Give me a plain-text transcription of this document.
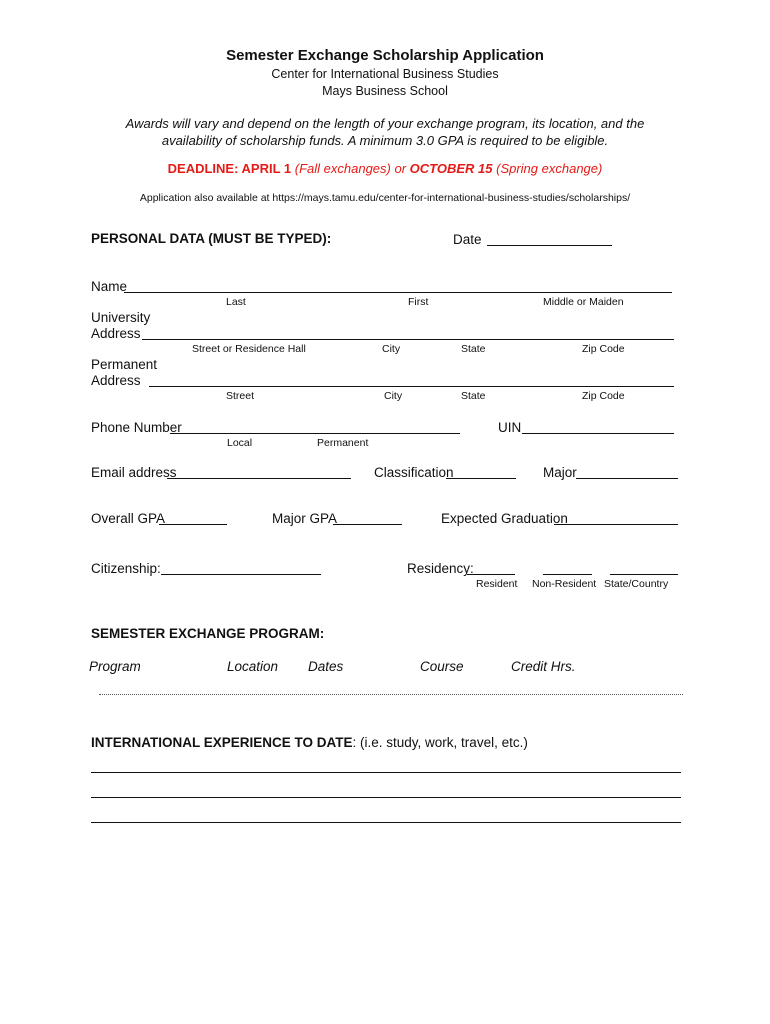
Semester Exchange Scholarship Application
Center for International Business Studies
Mays Business School
Awards will vary and depend on the length of your exchange program, its location, and the
availability of scholarship funds. A minimum 3.0 GPA is required to be eligible.
DEADLINE: APRIL 1 (Fall exchanges) or OCTOBER 15 (Spring exchange)
Application also available at https://mays.tamu.edu/center-for-international-business-studies/scholarships/
PERSONAL DATA (MUST BE TYPED):	Date
Name
Last	First	Middle or Maiden
University
Address
Street or Residence Hall	City	State	Zip Code
Permanent
Address
Street	City	State	Zip Code
Phone Number
Local	Permanent
UIN
Email address	Classification	Major
Overall GPA	Major GPA	Expected Graduation
Citizenship:	Residency:
Resident Non-Resident State/Country
SEMESTER EXCHANGE PROGRAM:
Program	Location Dates	Course	Credit Hrs.
INTERNATIONAL EXPERIENCE TO DATE: (i.e. study, work, travel, etc.)
